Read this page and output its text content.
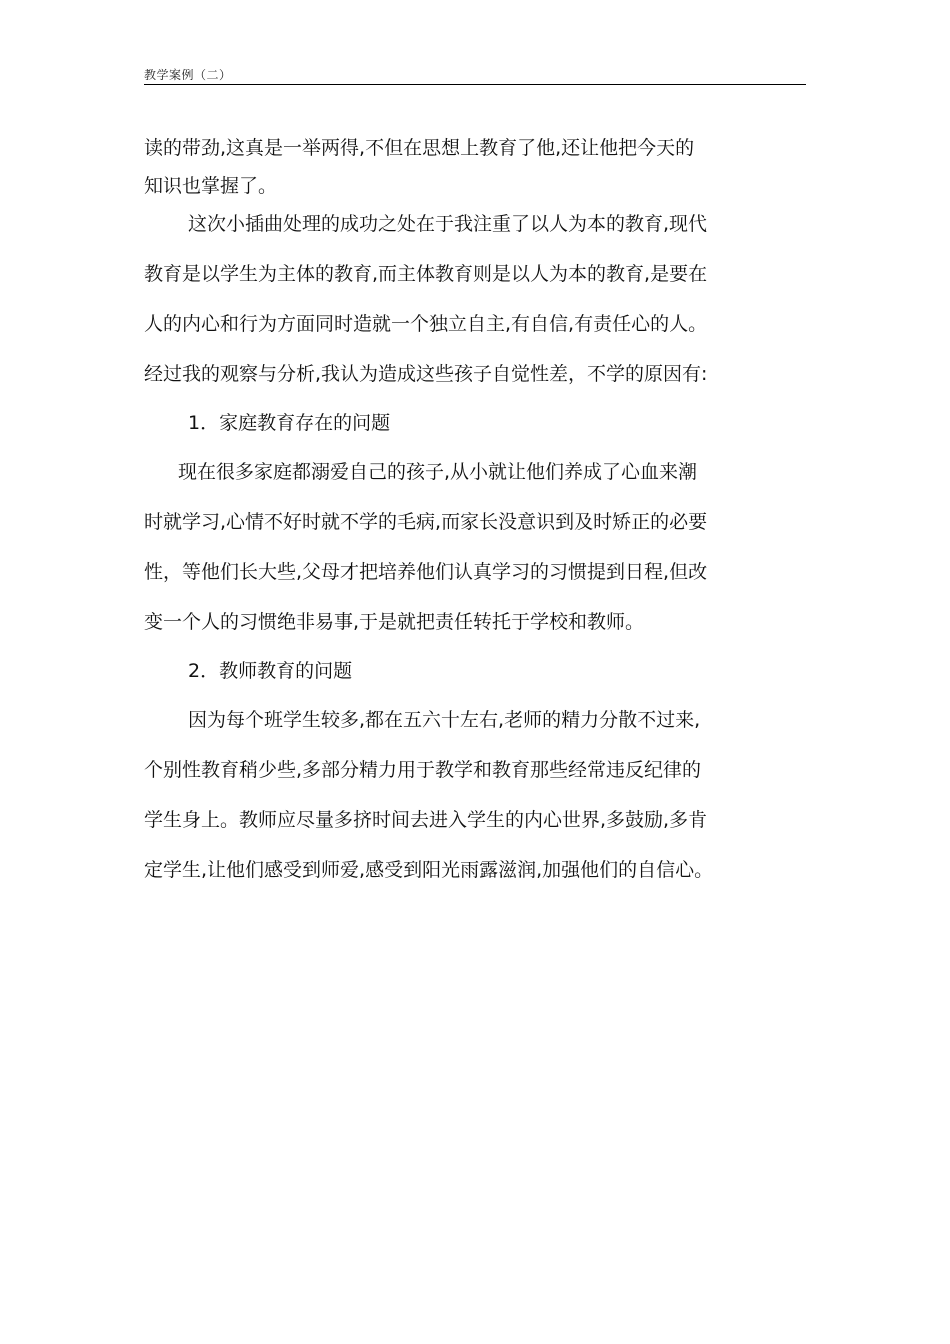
教学案例（二）
读的带劲,这真是一举两得,不但在思想上教育了他,还让他把今天的
知识也掌握了。
这次小插曲处理的成功之处在于我注重了以人为本的教育,现代
教育是以学生为主体的教育,而主体教育则是以人为本的教育,是要在
人的内心和行为方面同时造就一个独立自主,有自信,有责任心的人。
经过我的观察与分析,我认为造成这些孩子自觉性差，不学的原因有:
1．家庭教育存在的问题
现在很多家庭都溺爱自己的孩子,从小就让他们养成了心血来潮
时就学习,心情不好时就不学的毛病,而家长没意识到及时矫正的必要
性，等他们长大些,父母才把培养他们认真学习的习惯提到日程,但改
变一个人的习惯绝非易事,于是就把责任转托于学校和教师。
2．教师教育的问题
因为每个班学生较多,都在五六十左右,老师的精力分散不过来,
个别性教育稍少些,多部分精力用于教学和教育那些经常违反纪律的
学生身上。教师应尽量多挤时间去进入学生的内心世界,多鼓励,多肯
定学生,让他们感受到师爱,感受到阳光雨露滋润,加强他们的自信心。
